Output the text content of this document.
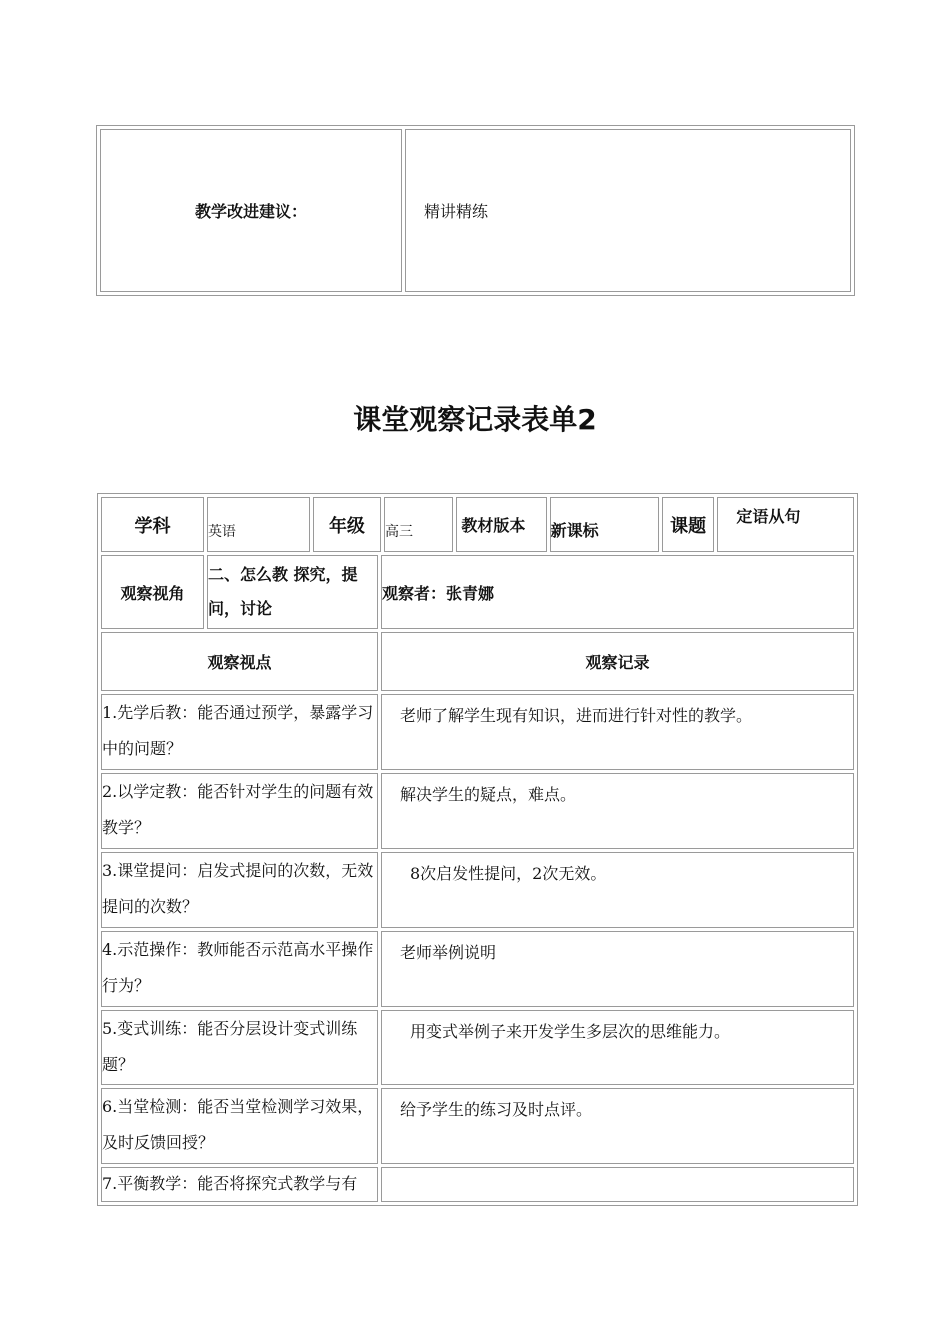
教学改进建议：	精讲精练
课堂观察记录表单2
学科	英语	年级		高三	教材版本	新课标	课题	定语从句
观察视角	二、怎么教 探究，提问，讨论		观察者：张青娜					
观察视点			观察记录					
1.先学后教：能否通过预学，暴露学习中的问题？			老师了解学生现有知识，进而进行针对性的教学。					
2.以学定教：能否针对学生的问题有效教学？			解决学生的疑点，难点。					
3.课堂提问：启发式提问的次数，无效提问的次数？			8次启发性提问，2次无效。					
4.示范操作：教师能否示范高水平操作行为？			老师举例说明					
5.变式训练：能否分层设计变式训练题？			用变式举例子来开发学生多层次的思维能力。					
6.当堂检测：能否当堂检测学习效果，及时反馈回授？			给予学生的练习及时点评。					
7.平衡教学：能否将探究式教学与有								
